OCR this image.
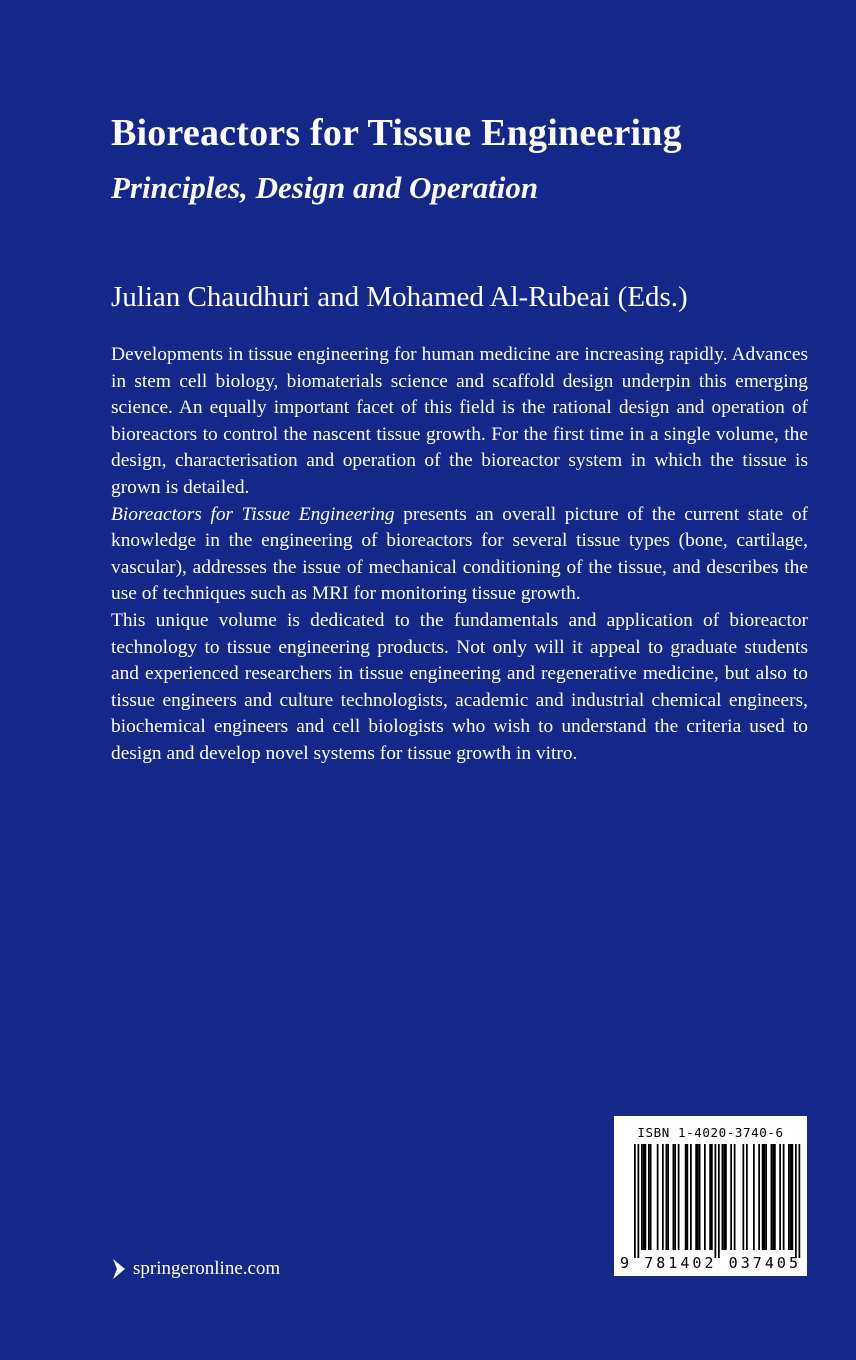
Bioreactors for Tissue Engineering
Principles, Design and Operation
Julian Chaudhuri and Mohamed Al-Rubeai (Eds.)

Developments in tissue engineering for human medicine are increasing rapidly. Advances in stem cell biology, biomaterials science and scaffold design underpin this emerging science. An equally important facet of this field is the rational design and operation of bioreactors to control the nascent tissue growth. For the first time in a single volume, the design, characterisation and operation of the bioreactor system in which the tissue is grown is detailed.

Bioreactors for Tissue Engineering presents an overall picture of the current state of knowledge in the engineering of bioreactors for several tissue types (bone, cartilage, vascular), addresses the issue of mechanical conditioning of the tissue, and describes the use of techniques such as MRI for monitoring tissue growth.

This unique volume is dedicated to the fundamentals and application of bioreactor technology to tissue engineering products. Not only will it appeal to graduate students and experienced researchers in tissue engineering and regenerative medicine, but also to tissue engineers and culture technologists, academic and industrial chemical engineers, biochemical engineers and cell biologists who wish to understand the criteria used to design and develop novel systems for tissue growth in vitro.

springeronline.com
ISBN 1-4020-3740-6
9 781402 037405
